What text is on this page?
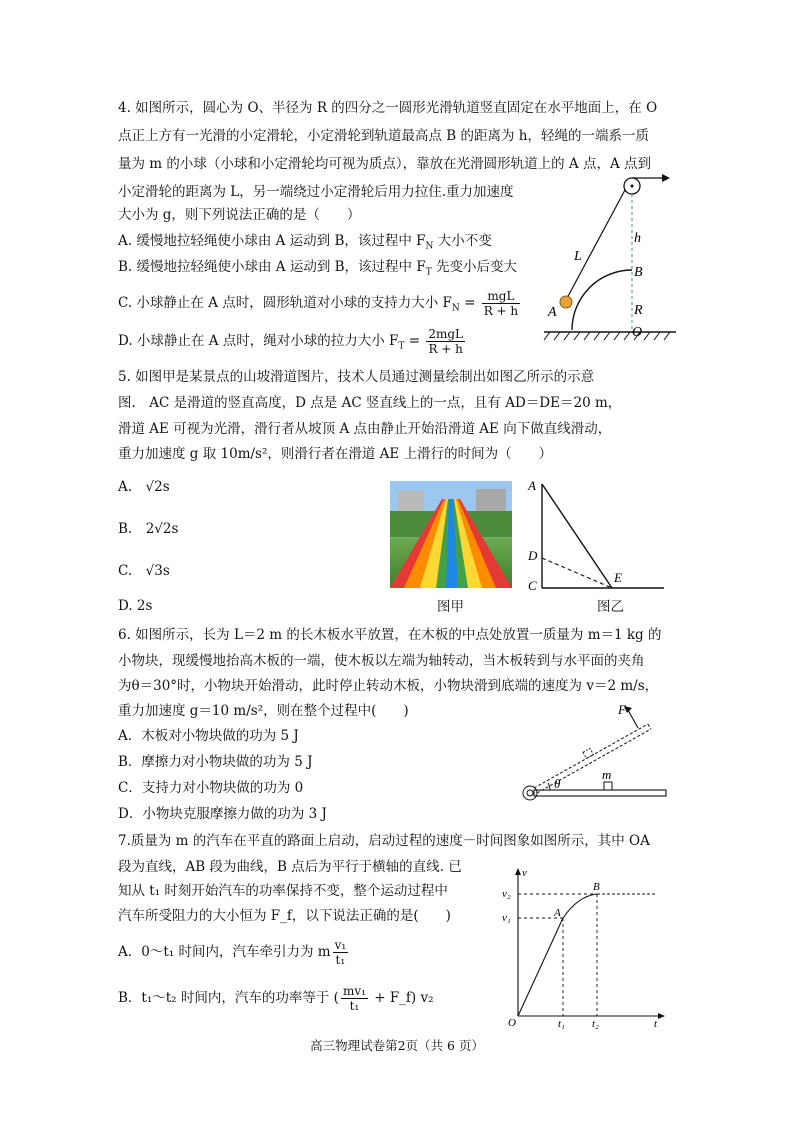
4. 如图所示，圆心为 O、半径为 R 的四分之一圆形光滑轨道竖直固定在水平地面上，在 O
点正上方有一光滑的小定滑轮，小定滑轮到轨道最高点 B 的距离为 h，轻绳的一端系一质
量为 m 的小球（小球和小定滑轮均可视为质点），靠放在光滑圆形轨道上的 A 点，A 点到
小定滑轮的距离为 L，另一端绕过小定滑轮后用力拉住.重力加速度
大小为 g，则下列说法正确的是（　　）
A. 缓慢地拉轻绳使小球由 A 运动到 B，该过程中 $F_N$ 大小不变
B. 缓慢地拉轻绳使小球由 A 运动到 B，该过程中 $F_T$ 先变小后变大
C. 小球静止在 A 点时，圆形轨道对小球的支持力大小 $F_N = \frac{\text{mgL}}{R + h}$
D. 小球静止在 A 点时，绳对小球的拉力大小 $F_T = \frac{\text{2mgL}}{R + h}$
L
h
B
R
A
O
5. 如图甲是某景点的山坡滑道图片，技术人员通过测量绘制出如图乙所示的示意
图.　AC 是滑道的竖直高度，D 点是 AC 竖直线上的一点，且有 AD＝DE＝20 m，
滑道 AE 可视为光滑，滑行者从坡顶 A 点由静止开始沿滑道 AE 向下做直线滑动，
重力加速度 g 取 10m/s²，则滑行者在滑道 AE 上滑行的时间为（　　）
A.　√2s
B.　2√2s
C.　√3s
D. 2s
A
D
C
E
图甲	图乙
6. 如图所示，长为 L＝2 m 的长木板水平放置，在木板的中点处放置一质量为 m＝1 kg 的
小物块，现缓慢地抬高木板的一端，使木板以左端为轴转动，当木板转到与水平面的夹角
为θ＝30°时，小物块开始滑动，此时停止转动木板，小物块滑到底端的速度为 v＝2 m/s，
重力加速度 g＝10 m/s²，则在整个过程中(　　)
A．木板对小物块做的功为 5 J
B．摩擦力对小物块做的功为 5 J
C．支持力对小物块做的功为 0
D．小物块克服摩擦力做的功为 3 J
F
m
θ
7.质量为 m 的汽车在平直的路面上启动，启动过程的速度－时间图象如图所示，其中 OA
段为直线，AB 段为曲线，B 点后为平行于横轴的直线. 已
知从 t₁ 时刻开始汽车的功率保持不变，整个运动过程中
汽车所受阻力的大小恒为 F_f，以下说法正确的是(　　)
A．0～t₁ 时间内，汽车牵引力为 m $\frac{\text{v₁}}{\text{t₁}}$
B．t₁～t₂ 时间内，汽车的功率等于 ( $\frac{\text{mv₁}}{\text{t₁}}$ + F_f) v₂
v
v₂
v₁	A
B
O	t₁ t₂	t
高三物理试卷第2页（共 6 页）
